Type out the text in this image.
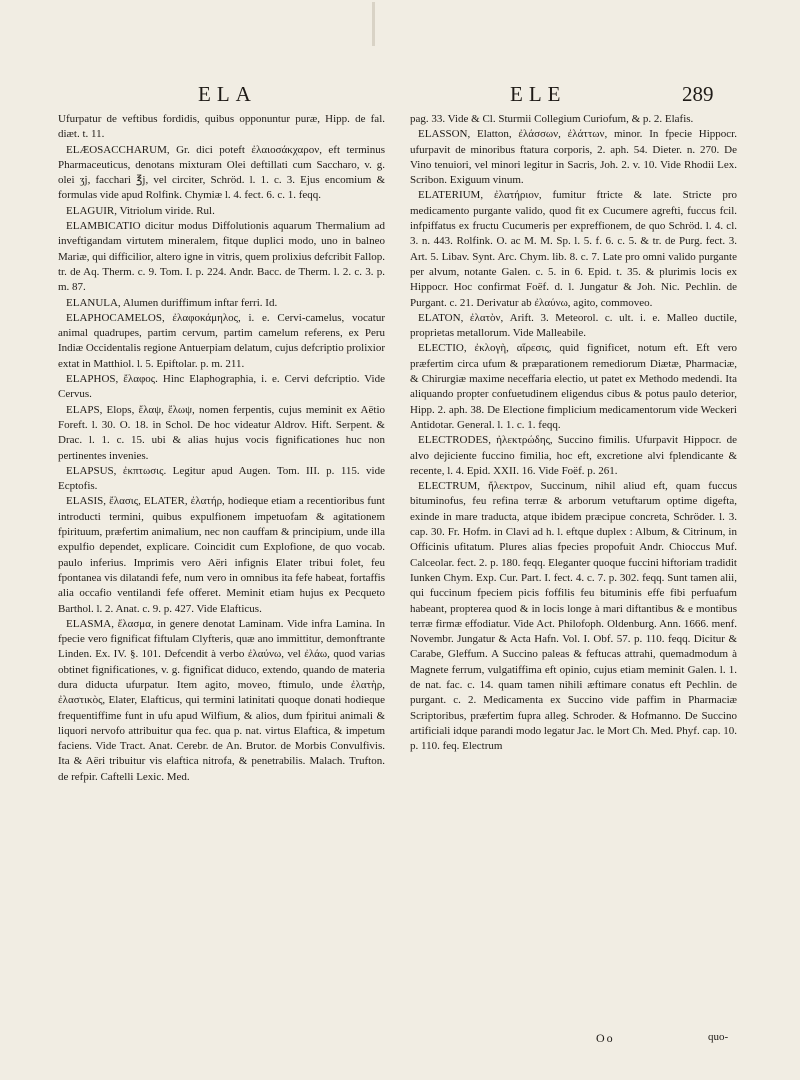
ELA	ELE	289

Ufurpatur de veftibus fordidis, quibus opponuntur puræ, Hipp. de fal. diæt. t. 11.

ELÆOSACCHARUM, Gr. dici poteft ἐλαιοσάκχαρον, eft terminus Pharmaceuticus, denotans mixturam Olei deftillati cum Saccharo, v. g. olei ʒj, facchari ℥j, vel circiter, Schröd. l. 1. c. 3. Ejus encomium & formulas vide apud Rolfink. Chymiæ l. 4. fect. 6. c. 1. feqq.

ELAGUIR, Vitriolum viride. Rul.

ELAMBICATIO dicitur modus Diffolutionis aquarum Thermalium ad inveftigandam virtutem mineralem, fitque duplici modo, uno in balneo Mariæ, qui difficilior, altero igne in vitris, quem prolixius defcribit Fallop. tr. de Aq. Therm. c. 9. Tom. I. p. 224. Andr. Bacc. de Therm. l. 2. c. 3. p. m. 87.

ELANULA, Alumen duriffimum inftar ferri. Id.

ELAPHOCAMELOS, ἐλαφοκάμηλος, i. e. Cervi-camelus, vocatur animal quadrupes, partim cervum, partim camelum referens, ex Peru Indiæ Occidentalis regione Antuerpiam delatum, cujus defcriptio prolixior extat in Matthiol. l. 5. Epiftolar. p. m. 211.

ELAPHOS, ἔλαφος. Hinc Elaphographia, i. e. Cervi defcriptio. Vide Cervus.

ELAPS, Elops, ἔλαψ, ἔλωψ, nomen ferpentis, cujus meminit ex Aëtio Foreft. l. 30. O. 18. in Schol. De hoc videatur Aldrov. Hift. Serpent. & Drac. l. 1. c. 15. ubi & alias hujus vocis fignificationes huc non pertinentes invenies.

ELAPSUS, ἐκπτωσις. Legitur apud Augen. Tom. III. p. 115. vide Ecptofis.

ELASIS, ἔλασις, ELATER, ἐλατήρ, hodieque etiam a recentioribus funt introducti termini, quibus expulfionem impetuofam & agitationem fpirituum, præfertim animalium, nec non cauffam & principium, unde illa expulfio dependet, explicare. Coincidit cum Explofione, de quo vocab. paulo inferius. Imprimis vero Aëri infignis Elater tribui folet, feu fpontanea vis dilatandi fefe, num vero in omnibus ita fefe habeat, fortaffis alia occafio ventilandi fefe offeret. Meminit etiam hujus ex Pecqueto Barthol. l. 2. Anat. c. 9. p. 427. Vide Elafticus.

ELASMA, ἔλασμα, in genere denotat Laminam. Vide infra Lamina. In fpecie vero fignificat fiftulam Clyfteris, quæ ano immittitur, demonftrante Linden. Ex. IV. §. 101. Defcendit à verbo ἐλαύνω, vel ἐλάω, quod varias obtinet fignificationes, v. g. fignificat diduco, extendo, quando de materia dura diducta ufurpatur. Item agito, moveo, ftimulo, unde ἐλατὴρ, ἐλαστικὸς, Elater, Elafticus, qui termini latinitati quoque donati hodieque frequentiffime funt in ufu apud Wilfium, & alios, dum fpiritui animali & liquori nervofo attribuitur qua fec. qua p. nat. virtus Elaftica, & impetum faciens. Vide Tract. Anat. Cerebr. de An. Brutor. de Morbis Convulfivis. Ita & Aëri tribuitur vis elaftica nitrofa, & penetrabilis. Malach. Trufton. de refpir. Caftelli Lexic. Med.

pag. 33. Vide & Cl. Sturmii Collegium Curiofum, & p. 2. Elafis.

ELASSON, Elatton, ἐλάσσων, ἐλάττων, minor. In fpecie Hippocr. ufurpavit de minoribus ftatura corporis, 2. aph. 54. Dieter. n. 270. De Vino tenuiori, vel minori legitur in Sacris, Joh. 2. v. 10. Vide Rhodii Lex. Scribon. Exiguum vinum.

ELATERIUM, ἐλατήριον, fumitur ftricte & late. Stricte pro medicamento purgante valido, quod fit ex Cucumere agrefti, fuccus fcil. infpiffatus ex fructu Cucumeris per expreffionem, de quo Schröd. l. 4. cl. 3. n. 443. Rolfink. O. ac M. M. Sp. l. 5. f. 6. c. 5. & tr. de Purg. fect. 3. Art. 5. Libav. Synt. Arc. Chym. lib. 8. c. 7. Late pro omni valido purgante per alvum, notante Galen. c. 5. in 6. Epid. t. 35. & plurimis locis ex Hippocr. Hoc confirmat Foëf. d. l. Jungatur & Joh. Nic. Pechlin. de Purgant. c. 21. Derivatur ab ἐλαύνω, agito, commoveo.

ELATON, ἐλατὸν, Arift. 3. Meteorol. c. ult. i. e. Malleo ductile, proprietas metallorum. Vide Malleabile.

ELECTIO, ἐκλογὴ, αἵρεσις, quid fignificet, notum eft. Eft vero præfertim circa ufum & præparationem remediorum Diætæ, Pharmaciæ, & Chirurgiæ maxime neceffaria electio, ut patet ex Methodo medendi. Ita aliquando propter confuetudinem eligendus cibus & potus paulo deterior, Hipp. 2. aph. 38. De Electione fimplicium medicamentorum vide Weckeri Antidotar. General. l. 1. c. 1. feqq.

ELECTRODES, ἠλεκτρώδης, Succino fimilis. Ufurpavit Hippocr. de alvo dejiciente fuccino fimilia, hoc eft, excretione alvi fplendicante & recente, l. 4. Epid. XXII. 16. Vide Foëf. p. 261.

ELECTRUM, ἤλεκτρον, Succinum, nihil aliud eft, quam fuccus bituminofus, feu refina terræ & arborum vetuftarum optime digefta, exinde in mare traducta, atque ibidem præcipue concreta, Schröder. l. 3. cap. 30. Fr. Hofm. in Clavi ad h. l. eftque duplex : Album, & Citrinum, in Officinis ufitatum. Plures alias fpecies propofuit Andr. Chioccus Muf. Calceolar. fect. 2. p. 180. feqq. Eleganter quoque fuccini hiftoriam tradidit Iunken Chym. Exp. Cur. Part. I. fect. 4. c. 7. p. 302. feqq. Sunt tamen alii, qui fuccinum fpeciem picis foffilis feu bituminis effe fibi perfuafum habeant, propterea quod & in locis longe à mari diftantibus & e montibus terræ firmæ effodiatur. Vide Act. Philofoph. Oldenburg. Ann. 1666. menf. Novembr. Jungatur & Acta Hafn. Vol. I. Obf. 57. p. 110. feqq. Dicitur & Carabe, Gleffum. A Succino paleas & feftucas attrahi, quemadmodum à Magnete ferrum, vulgatiffima eft opinio, cujus etiam meminit Galen. l. 1. de nat. fac. c. 14. quam tamen nihili æftimare conatus eft Pechlin. de purgant. c. 2. Medicamenta ex Succino vide paffim in Pharmaciæ Scriptoribus, præfertim fupra alleg. Schroder. & Hofmanno. De Succino artificiali idque parandi modo legatur Jac. le Mort Ch. Med. Phyf. cap. 10. p. 110. feq. Electrum

Oo	quo-
